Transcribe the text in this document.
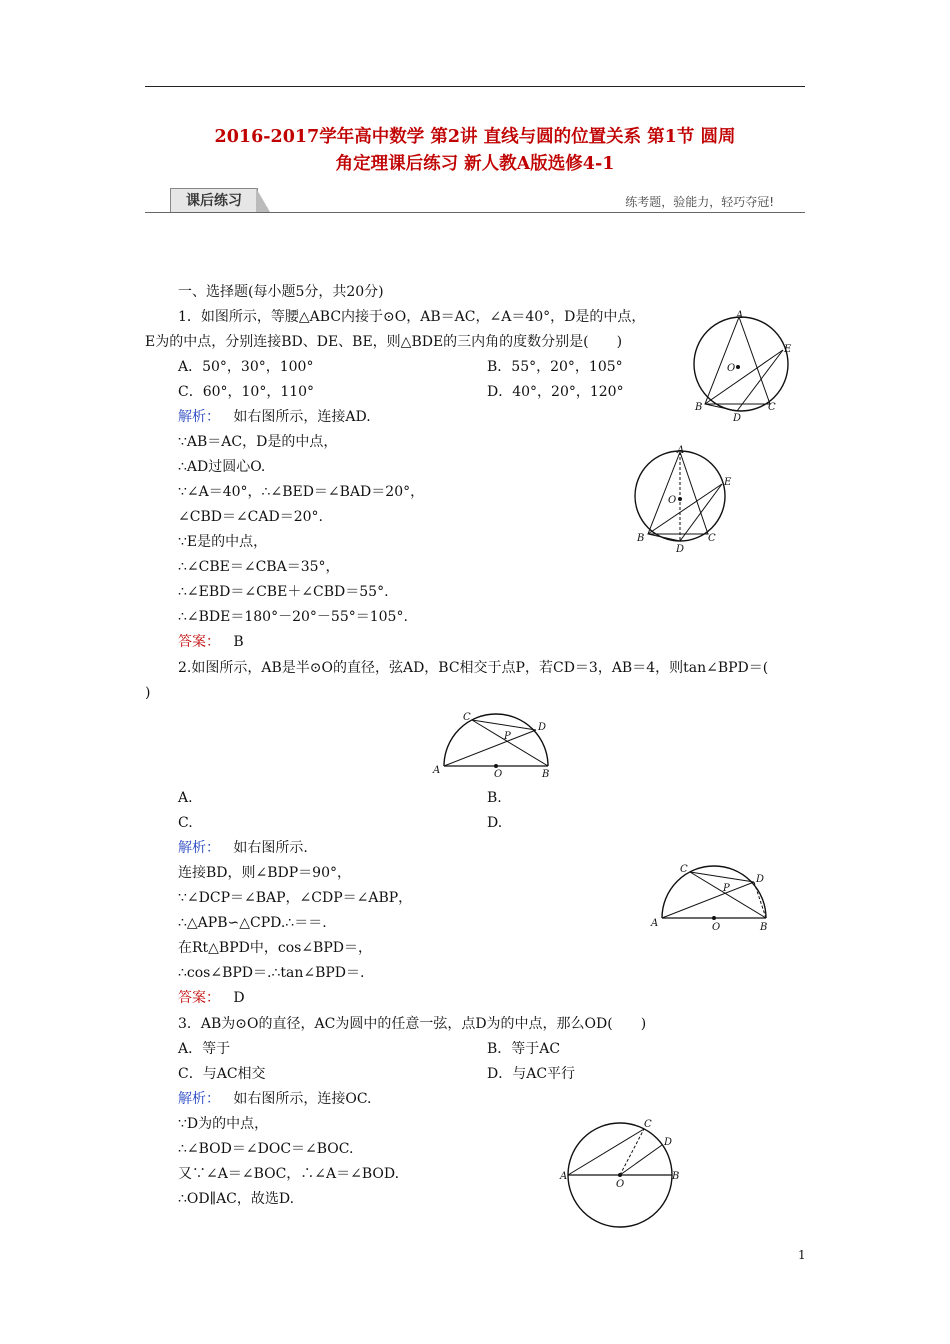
2016-2017学年高中数学 第2讲 直线与圆的位置关系 第1节 圆周
角定理课后练习 新人教A版选修4-1
课后练习	练考题，验能力，轻巧夺冠!
一、选择题(每小题5分，共20分)
1．如图所示，等腰△ABC内接于⊙O，AB＝AC，∠A＝40°，D是的中点，
E为的中点，分别连接BD、DE、BE，则△BDE的三内角的度数分别是(　　)
A．50°，30°，100°	B．55°，20°，105°
C．60°，10°，110°	D．40°，20°，120°
解析： 如右图所示，连接AD.
∵AB＝AC，D是的中点，
∴AD过圆心O.
∵∠A＝40°，∴∠BED＝∠BAD＝20°，
∠CBD＝∠CAD＝20°.
∵E是的中点，
∴∠CBE＝∠CBA＝35°，
∴∠EBD＝∠CBE＋∠CBD＝55°.
∴∠BDE＝180°－20°－55°＝105°.
答案： B
A
B	C
D
E
O
A
B	C
D
E
O
2.如图所示，AB是半⊙O的直径，弦AD，BC相交于点P，若CD＝3，AB＝4，则tan∠BPD＝(
)
A	B
C
D
P
O
A.	B.
C.	D.
解析： 如右图所示.
连接BD，则∠BDP＝90°，
∵∠DCP＝∠BAP，∠CDP＝∠ABP，
∴△APB∽△CPD.∴＝＝.
在Rt△BPD中，cos∠BPD＝，
∴cos∠BPD＝.∴tan∠BPD＝.
答案： D
A	B
C
D
P
O
3．AB为⊙O的直径，AC为圆中的任意一弦，点D为的中点，那么OD(　　)
A．等于	B．等于AC
C．与AC相交	D．与AC平行
解析： 如右图所示，连接OC.
∵D为的中点，
∴∠BOD＝∠DOC＝∠BOC.
又∵∠A＝∠BOC，∴∠A＝∠BOD.
∴OD∥AC，故选D.
A	B
C
D
O
1
